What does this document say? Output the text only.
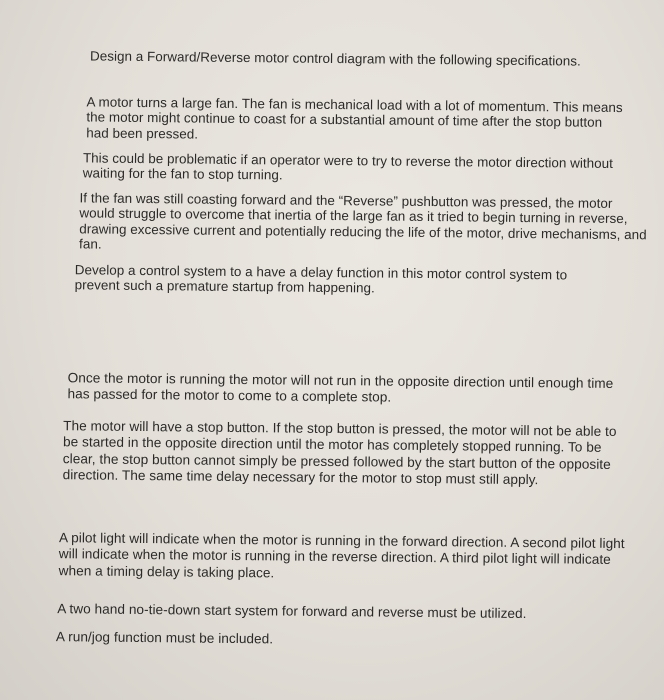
Design a Forward/Reverse motor control diagram with the following specifications.

A motor turns a large fan. The fan is mechanical load with a lot of momentum. This means the motor might continue to coast for a substantial amount of time after the stop button had been pressed.

This could be problematic if an operator were to try to reverse the motor direction without waiting for the fan to stop turning.

If the fan was still coasting forward and the “Reverse” pushbutton was pressed, the motor would struggle to overcome that inertia of the large fan as it tried to begin turning in reverse, drawing excessive current and potentially reducing the life of the motor, drive mechanisms, and fan.

Develop a control system to a have a delay function in this motor control system to prevent such a premature startup from happening.

Once the motor is running the motor will not run in the opposite direction until enough time has passed for the motor to come to a complete stop.

The motor will have a stop button. If the stop button is pressed, the motor will not be able to be started in the opposite direction until the motor has completely stopped running. To be clear, the stop button cannot simply be pressed followed by the start button of the opposite direction. The same time delay necessary for the motor to stop must still apply.

A pilot light will indicate when the motor is running in the forward direction. A second pilot light will indicate when the motor is running in the reverse direction. A third pilot light will indicate when a timing delay is taking place.

A two hand no-tie-down start system for forward and reverse must be utilized.

A run/jog function must be included.
